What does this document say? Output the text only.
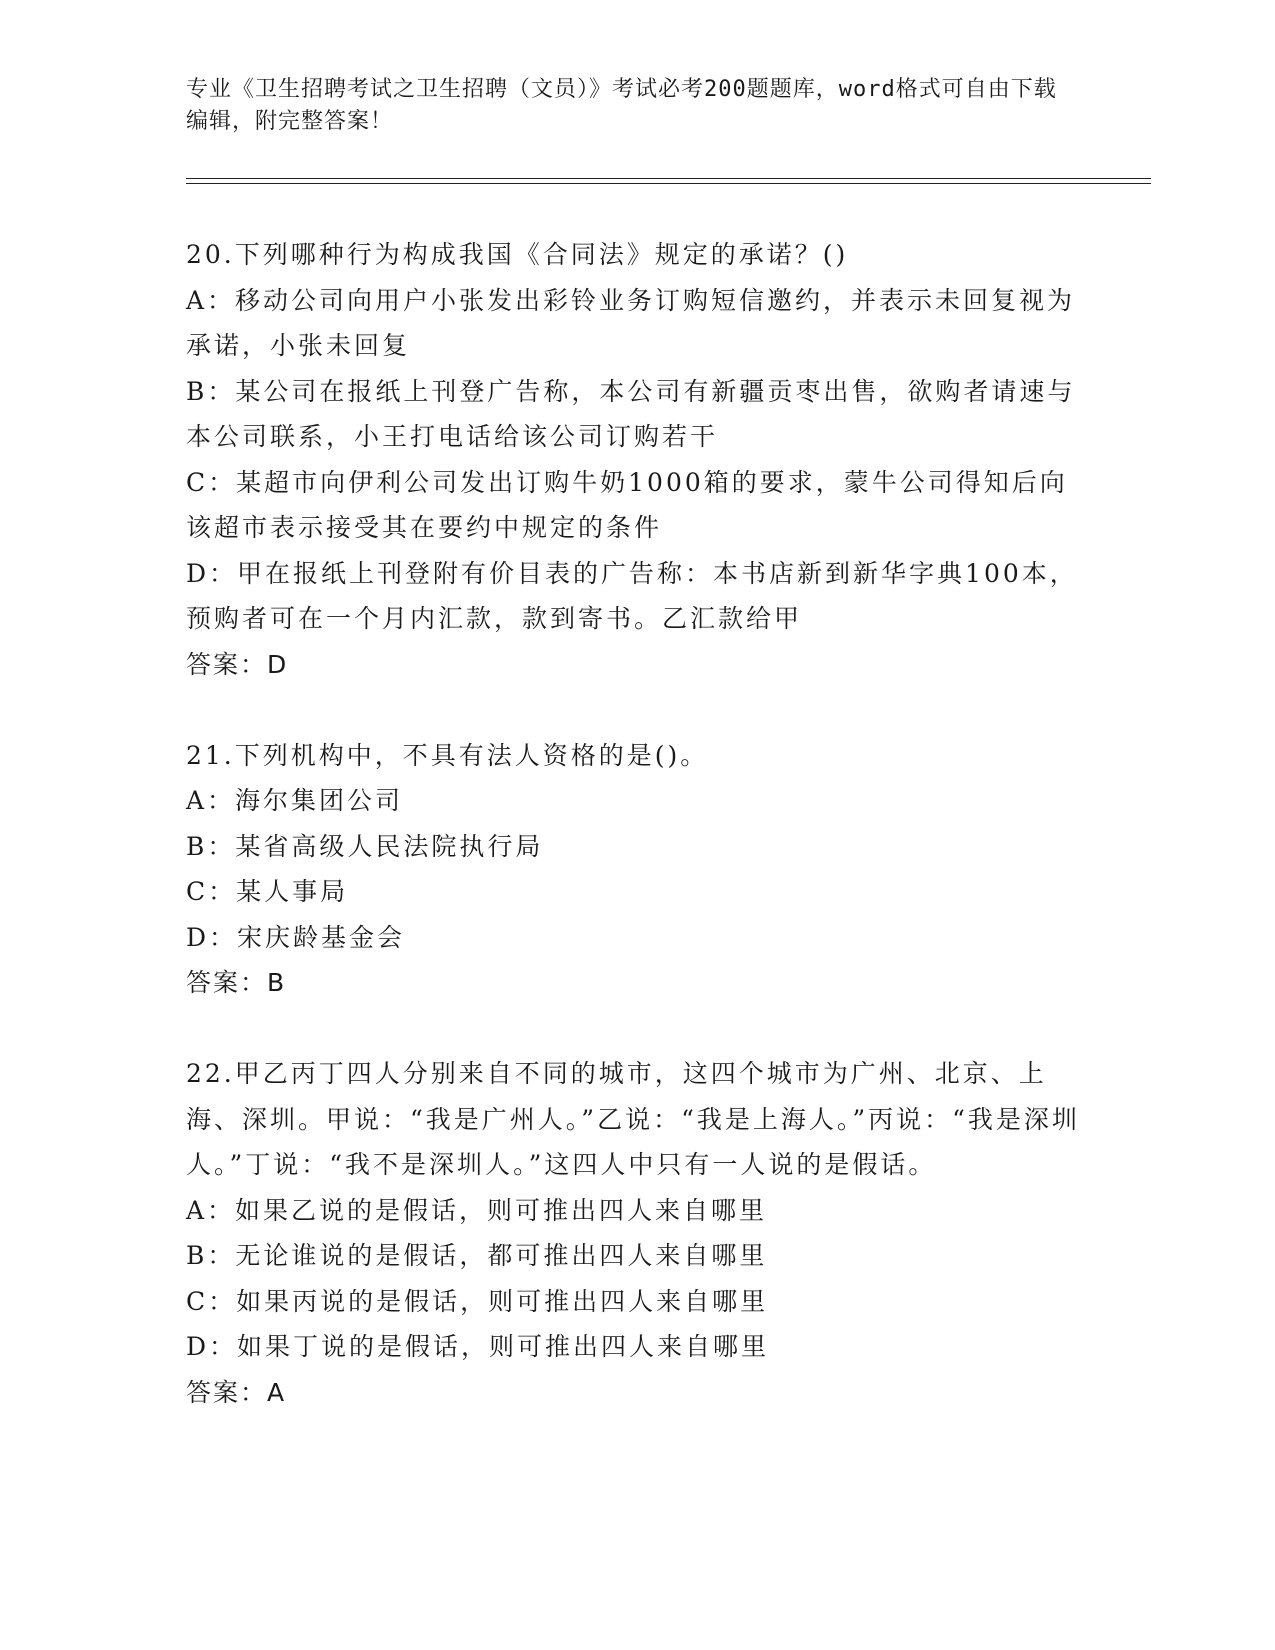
专业《卫生招聘考试之卫生招聘（文员）》考试必考200题题库，word格式可自由下载编辑，附完整答案！
20.下列哪种行为构成我国《合同法》规定的承诺？()
A：移动公司向用户小张发出彩铃业务订购短信邀约，并表示未回复视为承诺，小张未回复
B：某公司在报纸上刊登广告称，本公司有新疆贡枣出售，欲购者请速与本公司联系，小王打电话给该公司订购若干
C：某超市向伊利公司发出订购牛奶1000箱的要求，蒙牛公司得知后向该超市表示接受其在要约中规定的条件
D：甲在报纸上刊登附有价目表的广告称：本书店新到新华字典100本，预购者可在一个月内汇款，款到寄书。乙汇款给甲
答案：D
21.下列机构中，不具有法人资格的是()。
A：海尔集团公司
B：某省高级人民法院执行局
C：某人事局
D：宋庆龄基金会
答案：B
22.甲乙丙丁四人分别来自不同的城市，这四个城市为广州、北京、上海、深圳。甲说：“我是广州人。”乙说：“我是上海人。”丙说：“我是深圳人。”丁说：“我不是深圳人。”这四人中只有一人说的是假话。
A：如果乙说的是假话，则可推出四人来自哪里
B：无论谁说的是假话，都可推出四人来自哪里
C：如果丙说的是假话，则可推出四人来自哪里
D：如果丁说的是假话，则可推出四人来自哪里
答案：A
